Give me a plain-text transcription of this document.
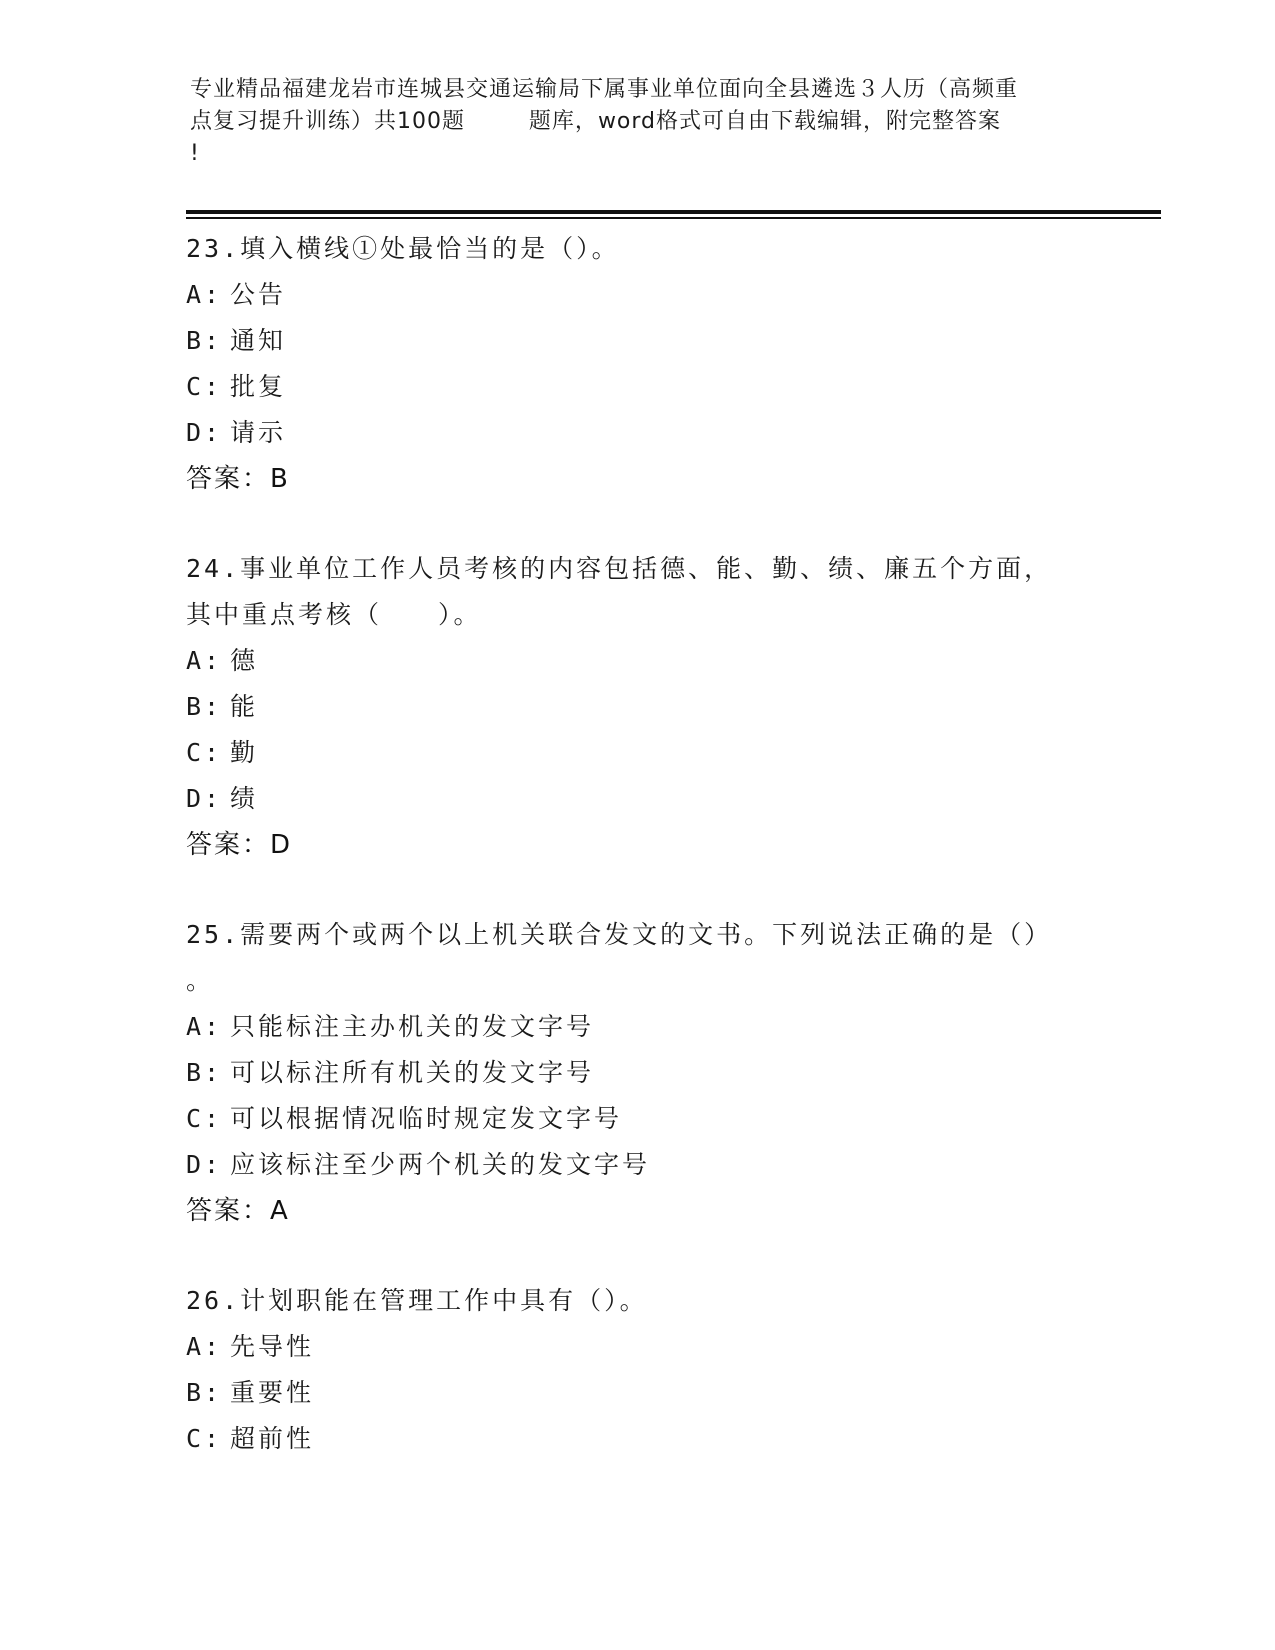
专业精品福建龙岩市连城县交通运输局下属事业单位面向全县遴选３人历（高频重
点复习提升训练）共100题        题库，word格式可自由下载编辑，附完整答案
!
23.填入横线①处最恰当的是（）。
A: 公告
B: 通知
C: 批复
D: 请示
答案：B
24.事业单位工作人员考核的内容包括德、能、勤、绩、廉五个方面，
其中重点考核（　　）。
A: 德
B: 能
C: 勤
D: 绩
答案：D
25.需要两个或两个以上机关联合发文的文书。下列说法正确的是（）
。
A: 只能标注主办机关的发文字号
B: 可以标注所有机关的发文字号
C: 可以根据情况临时规定发文字号
D: 应该标注至少两个机关的发文字号
答案：A
26.计划职能在管理工作中具有（）。
A: 先导性
B: 重要性
C: 超前性
